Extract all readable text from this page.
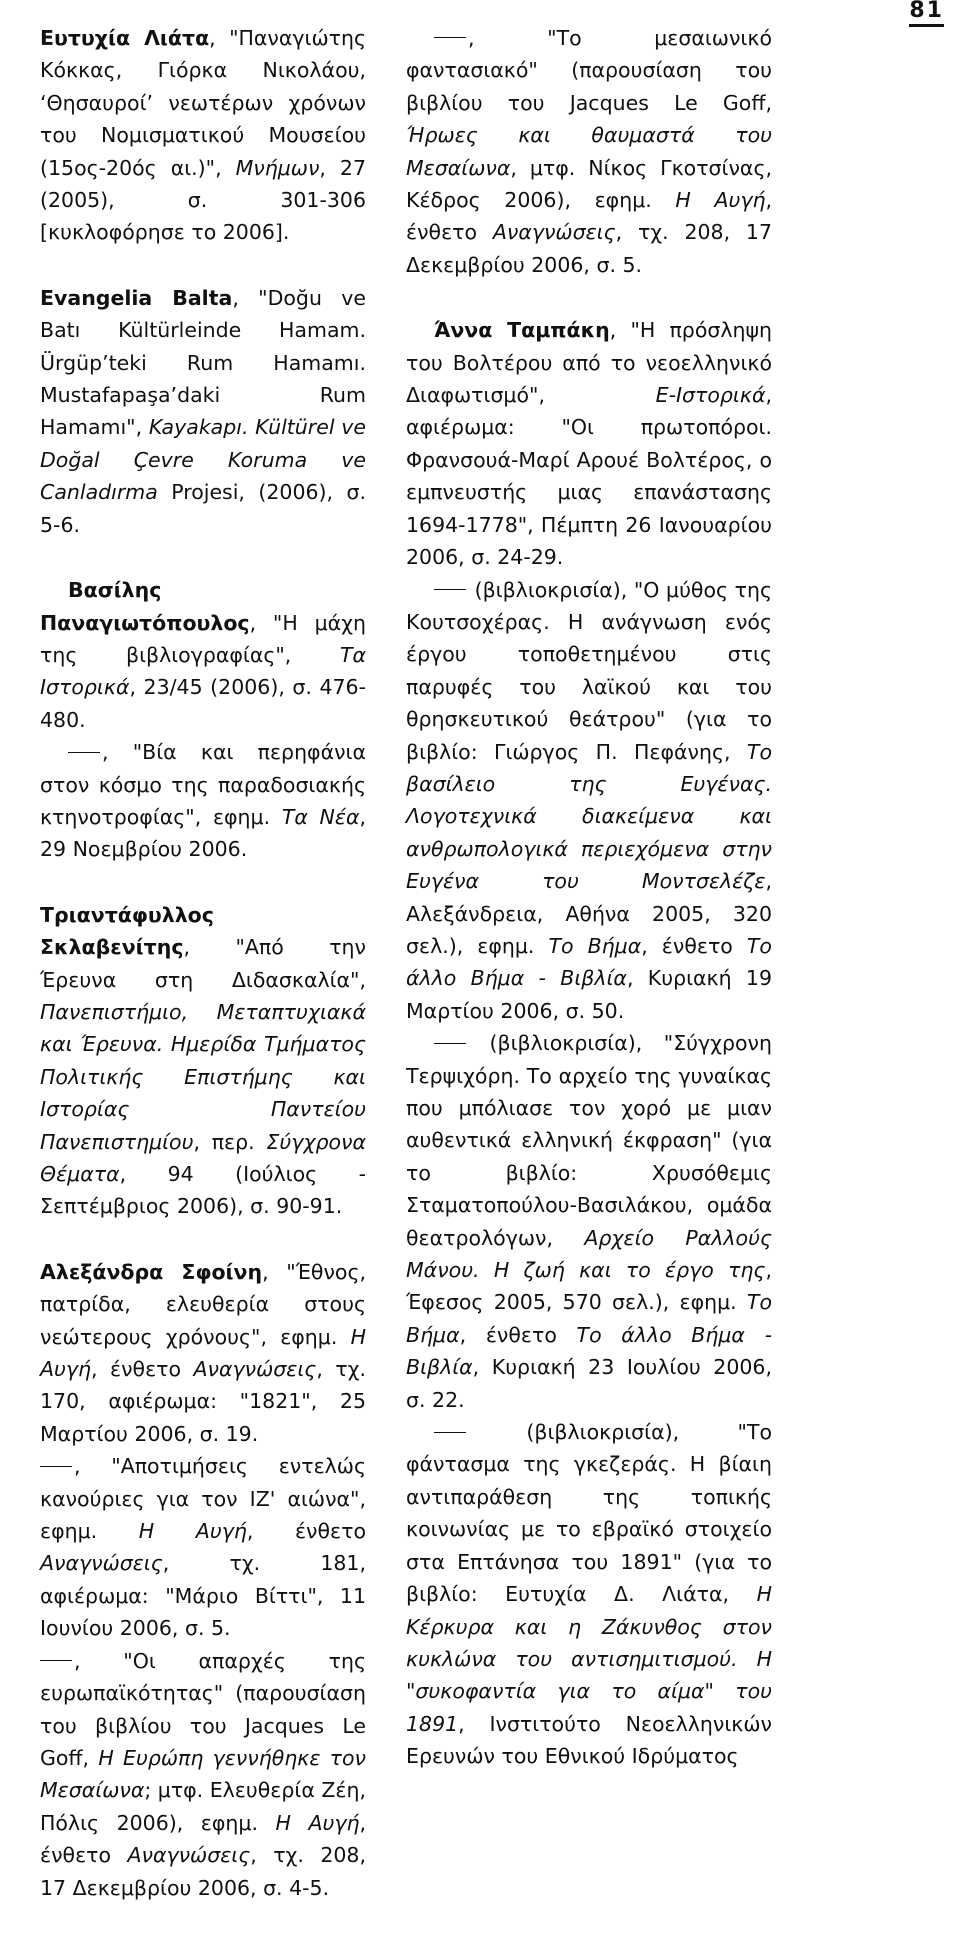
81

Ευτυχία Λιάτα, "Παναγιώτης Κόκκας, Γιόρκα Νικολάου, ‘Θησαυροί’ νεωτέρων χρόνων του Νομισματικού Μουσείου (15ος-20ός αι.)", Μνήμων, 27 (2005), σ. 301-306 [κυκλοφόρησε το 2006].

Evangelia Balta, "Doğu ve Batı Kültürleinde Hamam. Ürgüp’teki Rum Hamamı. Mustafapaşa’daki Rum Hamamı", Kayakapı. Kültürel ve Doğal Çevre Koruma ve Canladırma Projesi, (2006), σ. 5-6.

Βασίλης Παναγιωτόπουλος, "Η μάχη της βιβλιογραφίας", Τα Ιστορικά, 23/45 (2006), σ. 476-480.

, "Βία και περηφάνια στον κόσμο της παραδοσιακής κτηνοτροφίας", εφημ. Τα Νέα, 29 Νοεμβρίου 2006.

Τριαντάφυλλος Σκλαβενίτης, "Από την Έρευνα στη Διδασκαλία", Πανεπιστήμιο, Μεταπτυχιακά και Έρευνα. Ημερίδα Τμήματος Πολιτικής Επιστήμης και Ιστορίας Παντείου Πανεπιστημίου, περ. Σύγχρονα Θέματα, 94 (Ιούλιος - Σεπτέμβριος 2006), σ. 90-91.

Αλεξάνδρα Σφοίνη, "Έθνος, πατρίδα, ελευθερία στους νεώτερους χρόνους", εφημ. Η Αυγή, ένθετο Αναγνώσεις, τχ. 170, αφιέρωμα: "1821", 25 Μαρτίου 2006, σ. 19.

, "Αποτιμήσεις εντελώς κανούριες για τον ΙΖ' αιώνα", εφημ. Η Αυγή, ένθετο Αναγνώσεις, τχ. 181, αφιέρωμα: "Μάριο Βίττι", 11 Ιουνίου 2006, σ. 5.

, "Οι απαρχές της ευρωπαϊκότητας" (παρουσίαση του βιβλίου του Jacques Le Goff, Η Ευρώπη γεννήθηκε τον Μεσαίωνα; μτφ. Ελευθερία Ζέη, Πόλις 2006), εφημ. Η Αυγή, ένθετο Αναγνώσεις, τχ. 208, 17 Δεκεμβρίου 2006, σ. 4-5.

, "Το μεσαιωνικό φαντασιακό" (παρουσίαση του βιβλίου του Jacques Le Goff, Ήρωες και θαυμαστά του Μεσαίωνα, μτφ. Νίκος Γκοτσίνας, Κέδρος 2006), εφημ. Η Αυγή, ένθετο Αναγνώσεις, τχ. 208, 17 Δεκεμβρίου 2006, σ. 5.

Άννα Ταμπάκη, "Η πρόσληψη του Βολτέρου από το νεοελληνικό Διαφωτισμό", Ε-Ιστορικά, αφιέρωμα: "Οι πρωτοπόροι. Φρανσουά-Μαρί Αρουέ Βολτέρος, ο εμπνευστής μιας επανάστασης 1694-1778", Πέμπτη 26 Ιανουαρίου 2006, σ. 24-29.

(βιβλιοκρισία), "Ο μύθος της Κουτσοχέρας. Η ανάγνωση ενός έργου τοποθετημένου στις παρυφές του λαϊκού και του θρησκευτικού θεάτρου" (για το βιβλίο: Γιώργος Π. Πεφάνης, Το βασίλειο της Ευγένας. Λογοτεχνικά διακείμενα και ανθρωπολογικά περιεχόμενα στην Ευγένα του Μοντσελέζε, Αλεξάνδρεια, Αθήνα 2005, 320 σελ.), εφημ. Το Βήμα, ένθετο Το άλλο Βήμα - Βιβλία, Κυριακή 19 Μαρτίου 2006, σ. 50.

(βιβλιοκρισία), "Σύγχρονη Τερψιχόρη. Το αρχείο της γυναίκας που μπόλιασε τον χορό με μιαν αυθεντικά ελληνική έκφραση" (για το βιβλίο: Χρυσόθεμις Σταματοπούλου-Βασιλάκου, ομάδα θεατρολόγων, Αρχείο Ραλλούς Μάνου. Η ζωή και το έργο της, Έφεσος 2005, 570 σελ.), εφημ. Το Βήμα, ένθετο Το άλλο Βήμα - Βιβλία, Κυριακή 23 Ιουλίου 2006, σ. 22.

(βιβλιοκρισία), "Το φάντασμα της γκεζεράς. Η βίαιη αντιπαράθεση της τοπικής κοινωνίας με το εβραϊκό στοιχείο στα Επτάνησα του 1891" (για το βιβλίο: Ευτυχία Δ. Λιάτα, Η Κέρκυρα και η Ζάκυνθος στον κυκλώνα του αντισημιτισμού. Η "συκοφαντία για το αίμα" του 1891, Ινστιτούτο Νεοελληνικών Ερευνών του Εθνικού Ιδρύματος
